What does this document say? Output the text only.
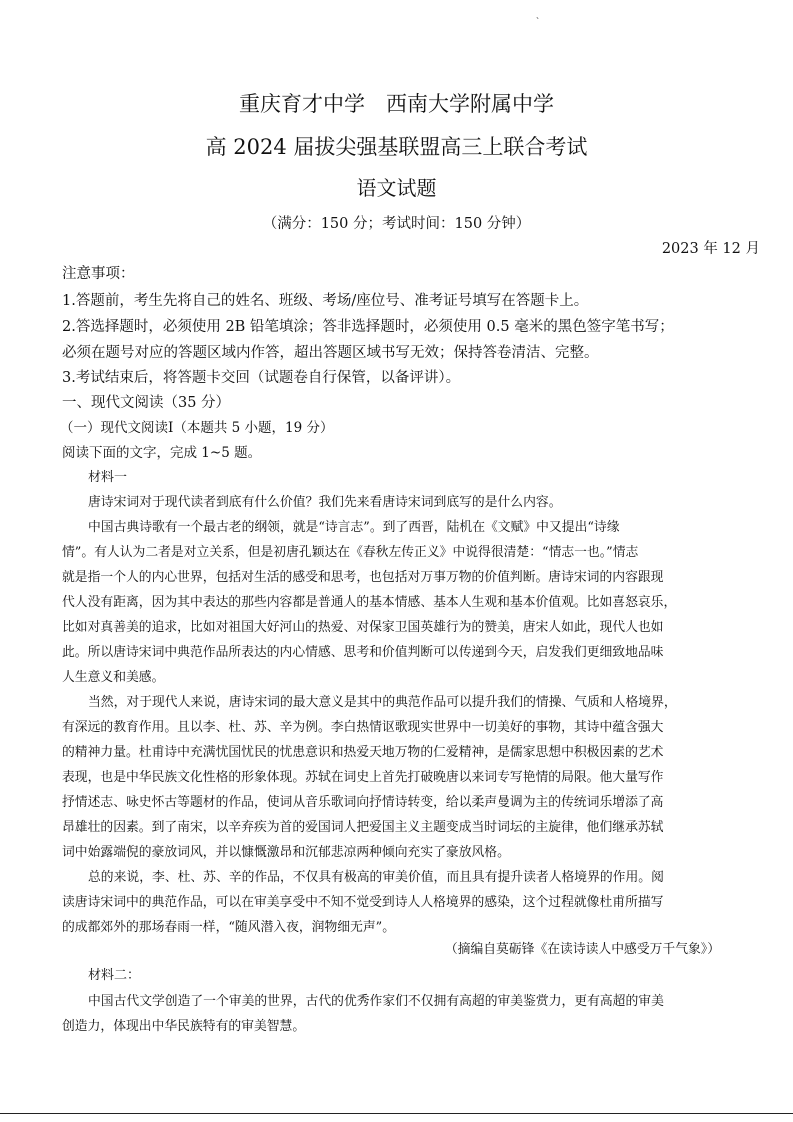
、
重庆育才中学　西南大学附属中学
高 2024 届拔尖强基联盟高三上联合考试
语文试题
（满分：150 分；考试时间：150 分钟）
2023 年 12 月
注意事项：
1.答题前，考生先将自己的姓名、班级、考场/座位号、准考证号填写在答题卡上。
2.答选择题时，必须使用 2B 铅笔填涂；答非选择题时，必须使用 0.5 毫米的黑色签字笔书写；
必须在题号对应的答题区域内作答，超出答题区域书写无效；保持答卷清洁、完整。
3.考试结束后，将答题卡交回（试题卷自行保管，以备评讲）。
一、现代文阅读（35 分）
（一）现代文阅读Ⅰ（本题共 5 小题，19 分）
阅读下面的文字，完成 1~5 题。
材料一
唐诗宋词对于现代读者到底有什么价值？我们先来看唐诗宋词到底写的是什么内容。
中国古典诗歌有一个最古老的纲领，就是“诗言志”。到了西晋，陆机在《文赋》中又提出“诗缘
情”。有人认为二者是对立关系，但是初唐孔颖达在《春秋左传正义》中说得很清楚：“情志一也。”情志
就是指一个人的内心世界，包括对生活的感受和思考，也包括对万事万物的价值判断。唐诗宋词的内容跟现
代人没有距离，因为其中表达的那些内容都是普通人的基本情感、基本人生观和基本价值观。比如喜怒哀乐，
比如对真善美的追求，比如对祖国大好河山的热爱、对保家卫国英雄行为的赞美，唐宋人如此，现代人也如
此。所以唐诗宋词中典范作品所表达的内心情感、思考和价值判断可以传递到今天，启发我们更细致地品味
人生意义和美感。
当然，对于现代人来说，唐诗宋词的最大意义是其中的典范作品可以提升我们的情操、气质和人格境界，
有深远的教育作用。且以李、杜、苏、辛为例。李白热情讴歌现实世界中一切美好的事物，其诗中蕴含强大
的精神力量。杜甫诗中充满忧国忧民的忧患意识和热爱天地万物的仁爱精神，是儒家思想中积极因素的艺术
表现，也是中华民族文化性格的形象体现。苏轼在词史上首先打破晚唐以来词专写艳情的局限。他大量写作
抒情述志、咏史怀古等题材的作品，使词从音乐歌词向抒情诗转变，给以柔声曼调为主的传统词乐增添了高
昂雄壮的因素。到了南宋，以辛弃疾为首的爱国词人把爱国主义主题变成当时词坛的主旋律，他们继承苏轼
词中始露端倪的豪放词风，并以慷慨激昂和沉郁悲凉两种倾向充实了豪放风格。
总的来说，李、杜、苏、辛的作品，不仅具有极高的审美价值，而且具有提升读者人格境界的作用。阅
读唐诗宋词中的典范作品，可以在审美享受中不知不觉受到诗人人格境界的感染，这个过程就像杜甫所描写
的成都郊外的那场春雨一样，“随风潜入夜，润物细无声”。
（摘编自莫砺锋《在读诗读人中感受万千气象》）
材料二：
中国古代文学创造了一个审美的世界，古代的优秀作家们不仅拥有高超的审美鉴赏力，更有高超的审美
创造力，体现出中华民族特有的审美智慧。
